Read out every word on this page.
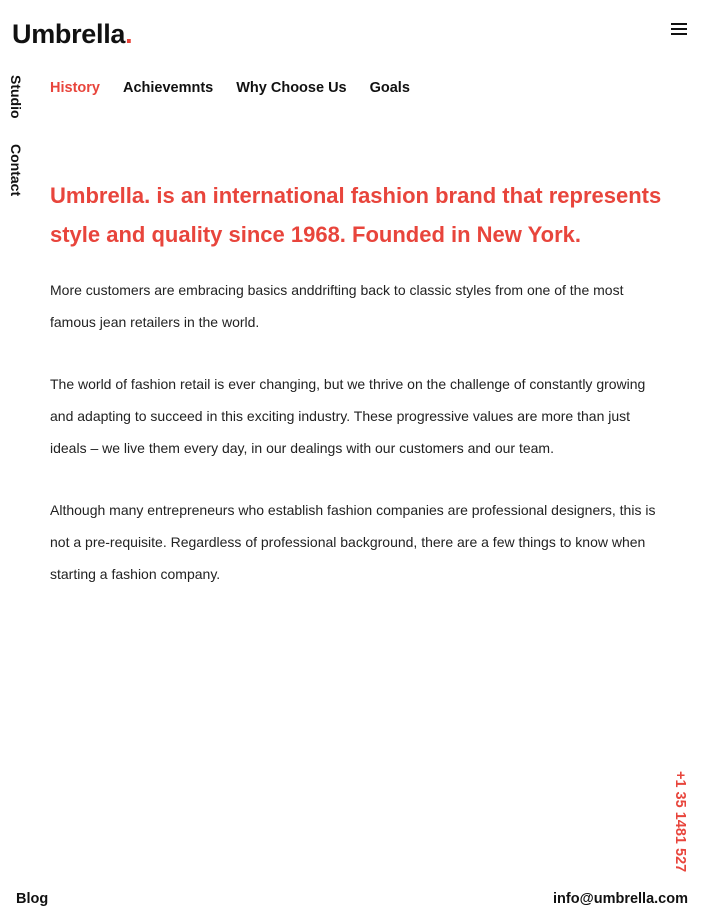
Umbrella.
Studio
Contact
History Achievemnts Why Choose Us Goals
Umbrella. is an international fashion brand that represents style and quality since 1968. Founded in New York.

More customers are embracing basics anddrifting back to classic styles from one of the most famous jean retailers in the world.

The world of fashion retail is ever changing, but we thrive on the challenge of constantly growing and adapting to succeed in this exciting industry. These progressive values are more than just ideals – we live them every day, in our dealings with our customers and our team.

Although many entrepreneurs who establish fashion companies are professional designers, this is not a pre-requisite. Regardless of professional background, there are a few things to know when starting a fashion company.

+1 35 1481 527
Blog	info@umbrella.com
